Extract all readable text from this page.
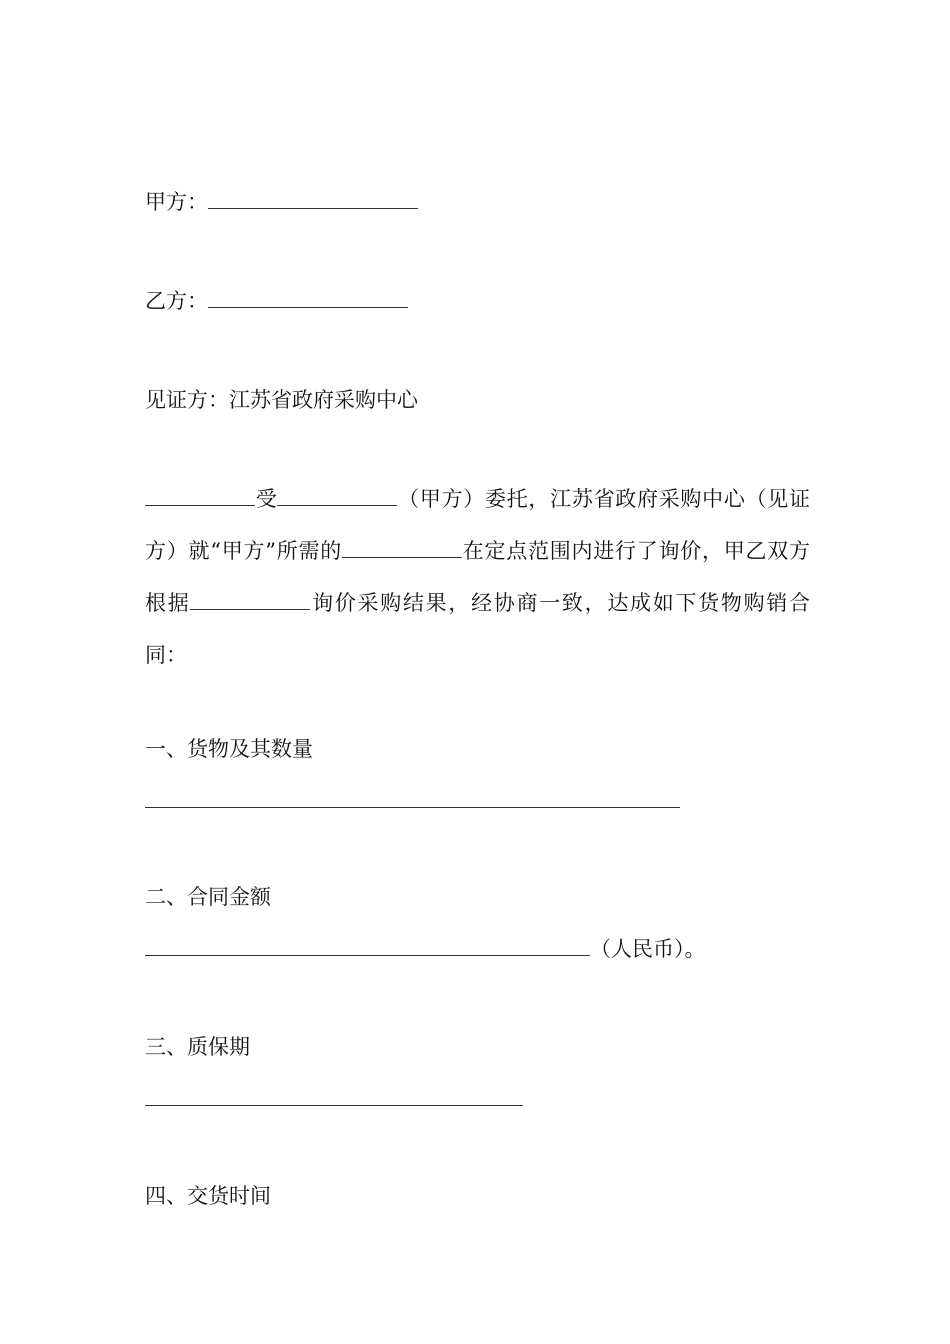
甲方：
乙方：
见证方：江苏省政府采购中心
受	（甲方）委托，江苏省政府采购中心（见证方）就“甲方”所需的	在定点范围内进行了询价，甲乙双方根据	询价采购结果，经协商一致，达成如下货物购销合同：
一、货物及其数量
二、合同金额
（人民币）。
三、质保期
四、交货时间
